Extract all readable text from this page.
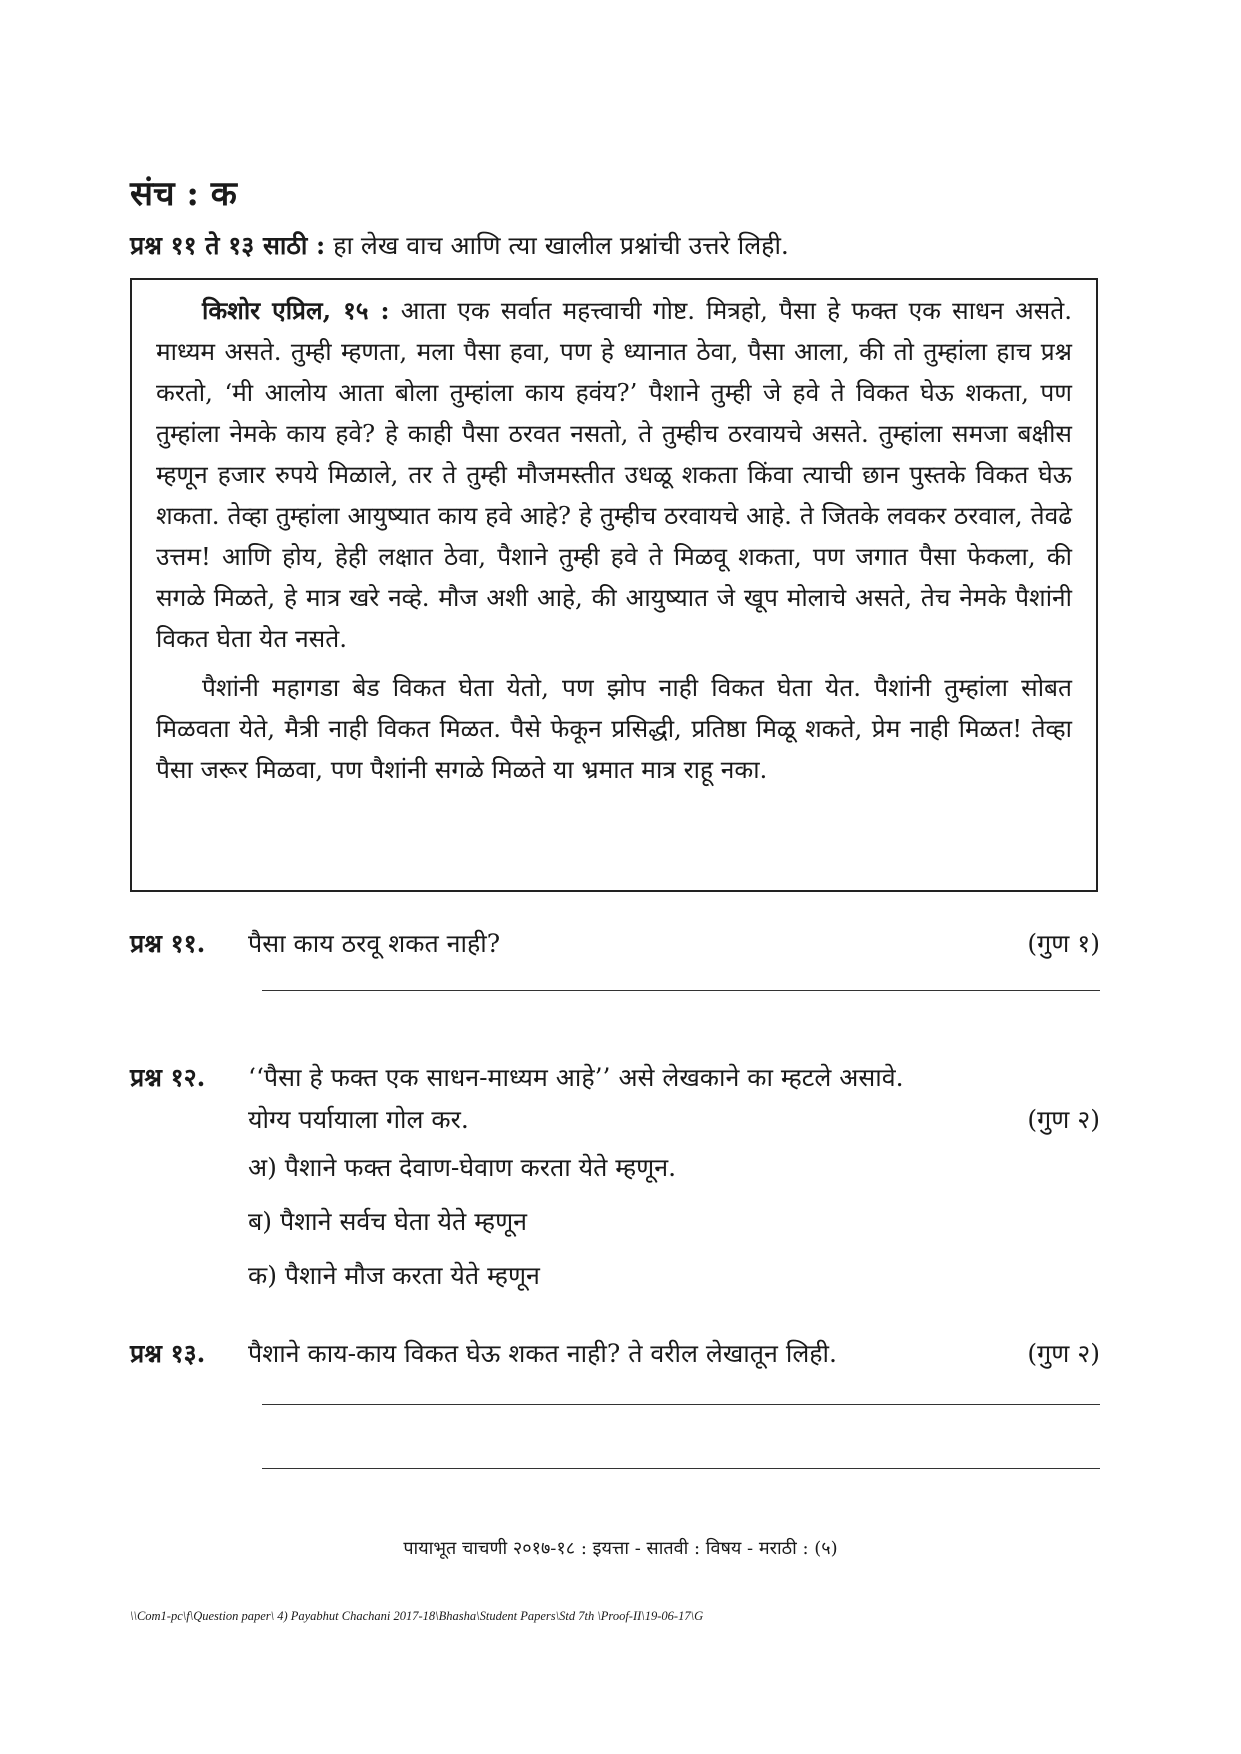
संच : क
प्रश्न ११ ते १३ साठी : हा लेख वाच आणि त्या खालील प्रश्नांची उत्तरे लिही.

किशोर एप्रिल, १५ : आता एक सर्वात महत्त्वाची गोष्ट. मित्रहो, पैसा हे फक्त एक साधन असते. माध्यम असते. तुम्ही म्हणता, मला पैसा हवा, पण हे ध्यानात ठेवा, पैसा आला, की तो तुम्हांला हाच प्रश्न करतो, ‘मी आलोय आता बोला तुम्हांला काय हवंय?’ पैशाने तुम्ही जे हवे ते विकत घेऊ शकता, पण तुम्हांला नेमके काय हवे? हे काही पैसा ठरवत नसतो, ते तुम्हीच ठरवायचे असते. तुम्हांला समजा बक्षीस म्हणून हजार रुपये मिळाले, तर ते तुम्ही मौजमस्तीत उधळू शकता किंवा त्याची छान पुस्तके विकत घेऊ शकता. तेव्हा तुम्हांला आयुष्यात काय हवे आहे? हे तुम्हीच ठरवायचे आहे. ते जितके लवकर ठरवाल, तेवढे उत्तम! आणि होय, हेही लक्षात ठेवा, पैशाने तुम्ही हवे ते मिळवू शकता, पण जगात पैसा फेकला, की सगळे मिळते, हे मात्र खरे नव्हे. मौज अशी आहे, की आयुष्यात जे खूप मोलाचे असते, तेच नेमके पैशांनी विकत घेता येत नसते.

पैशांनी महागडा बेड विकत घेता येतो, पण झोप नाही विकत घेता येत. पैशांनी तुम्हांला सोबत मिळवता येते, मैत्री नाही विकत मिळत. पैसे फेकून प्रसिद्धी, प्रतिष्ठा मिळू शकते, प्रेम नाही मिळत! तेव्हा पैसा जरूर मिळवा, पण पैशांनी सगळे मिळते या भ्रमात मात्र राहू नका.

प्रश्न ११. पैसा काय ठरवू शकत नाही?	(गुण १)
प्रश्न १२. ‘‘पैसा हे फक्त एक साधन-माध्यम आहे’’ असे लेखकाने का म्हटले असावे.
योग्य पर्यायाला गोल कर.	(गुण २)
अ) पैशाने फक्त देवाण-घेवाण करता येते म्हणून.
ब) पैशाने सर्वच घेता येते म्हणून
क) पैशाने मौज करता येते म्हणून
प्रश्न १३. पैशाने काय-काय विकत घेऊ शकत नाही? ते वरील लेखातून लिही.	(गुण २)
पायाभूत चाचणी २०१७-१८ : इयत्ता - सातवी : विषय - मराठी : (५)
\\Com1-pc\f\Question paper\ 4) Payabhut Chachani 2017-18\Bhasha\Student Papers\Std 7th \Proof-II\19-06-17\G
